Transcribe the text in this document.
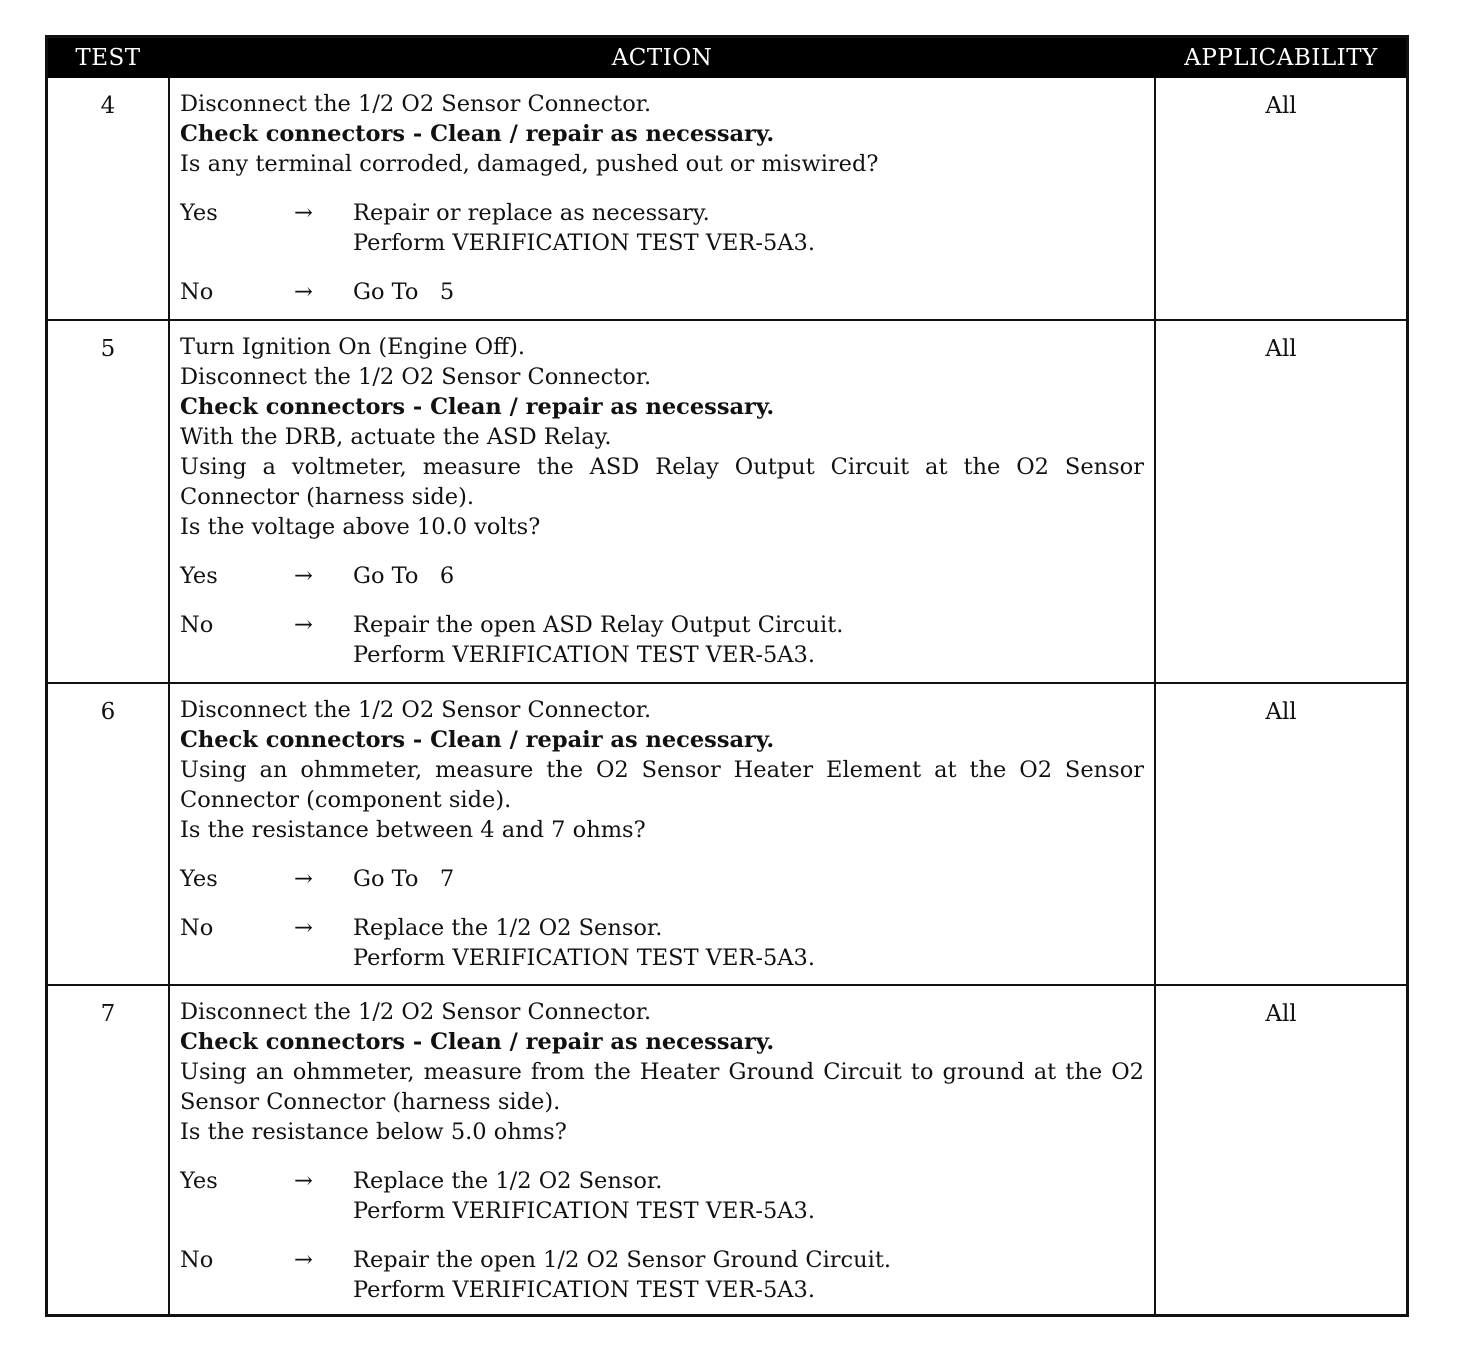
TEST	ACTION	APPLICABILITY
4	Disconnect the 1/2 O2 Sensor Connector.
Check connectors - Clean / repair as necessary.
Is any terminal corroded, damaged, pushed out or miswired?
Yes	→	Repair or replace as necessary.
Perform VERIFICATION TEST VER-5A3.
No	→	Go To   5
All
5	Turn Ignition On (Engine Off).
Disconnect the 1/2 O2 Sensor Connector.
Check connectors - Clean / repair as necessary.
With the DRB, actuate the ASD Relay.
Using a voltmeter, measure the ASD Relay Output Circuit at the O2 Sensor Connector (harness side).
Is the voltage above 10.0 volts?
Yes	→	Go To   6
No	→	Repair the open ASD Relay Output Circuit.
Perform VERIFICATION TEST VER-5A3.
All
6	Disconnect the 1/2 O2 Sensor Connector.
Check connectors - Clean / repair as necessary.
Using an ohmmeter, measure the O2 Sensor Heater Element at the O2 Sensor Connector (component side).
Is the resistance between 4 and 7 ohms?
Yes	→	Go To   7
No	→	Replace the 1/2 O2 Sensor.
Perform VERIFICATION TEST VER-5A3.
All
7	Disconnect the 1/2 O2 Sensor Connector.
Check connectors - Clean / repair as necessary.
Using an ohmmeter, measure from the Heater Ground Circuit to ground at the O2 Sensor Connector (harness side).
Is the resistance below 5.0 ohms?
Yes	→	Replace the 1/2 O2 Sensor.
Perform VERIFICATION TEST VER-5A3.
No	→	Repair the open 1/2 O2 Sensor Ground Circuit.
Perform VERIFICATION TEST VER-5A3.
All
